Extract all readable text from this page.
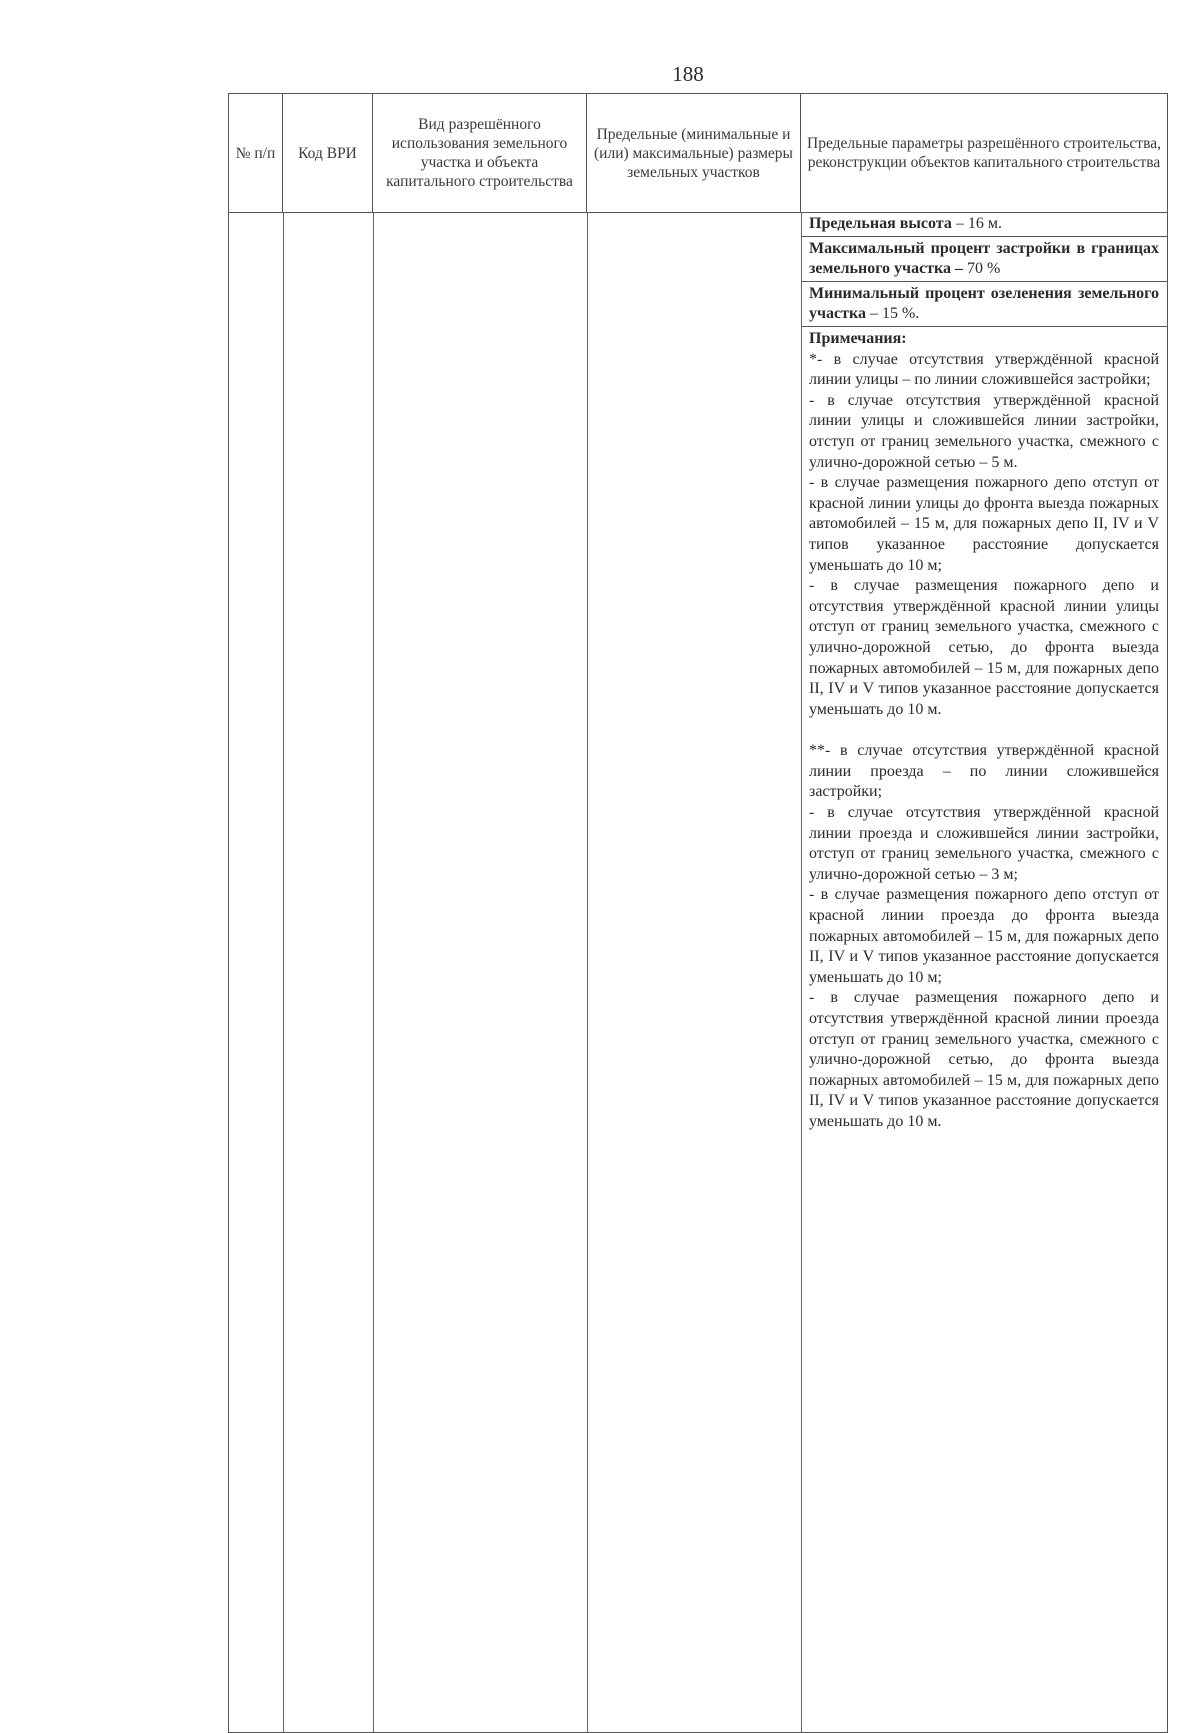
188
№ п/п	Код ВРИ
Вид разрешённого использования земельного участка и объекта капитального строительства
Предельные (минимальные и (или) максимальные) размеры земельных участков
Предельные параметры разрешённого строительства, реконструкции объектов капитального строительства
Предельная высота – 16 м.
Максимальный процент застройки в границах земельного участка – 70 %
Минимальный процент озеленения земельного участка – 15 %.

Примечания:

*- в случае отсутствия утверждённой красной линии улицы – по линии сложившейся застройки;

- в случае отсутствия утверждённой красной линии улицы и сложившейся линии застройки, отступ от границ земельного участка, смежного с улично-дорожной сетью – 5 м.

- в случае размещения пожарного депо отступ от красной линии улицы до фронта выезда пожарных автомобилей – 15 м, для пожарных депо II, IV и V типов указанное расстояние допускается уменьшать до 10 м;

- в случае размещения пожарного депо и отсутствия утверждённой красной линии улицы отступ от границ земельного участка, смежного с улично-дорожной сетью, до фронта выезда пожарных автомобилей – 15 м, для пожарных депо II, IV и V типов указанное расстояние допускается уменьшать до 10 м.

**- в случае отсутствия утверждённой красной линии проезда – по линии сложившейся застройки;

- в случае отсутствия утверждённой красной линии проезда и сложившейся линии застройки, отступ от границ земельного участка, смежного с улично-дорожной сетью – 3 м;

- в случае размещения пожарного депо отступ от красной линии проезда до фронта выезда пожарных автомобилей – 15 м, для пожарных депо II, IV и V типов указанное расстояние допускается уменьшать до 10 м;

- в случае размещения пожарного депо и отсутствия утверждённой красной линии проезда отступ от границ земельного участка, смежного с улично-дорожной сетью, до фронта выезда пожарных автомобилей – 15 м, для пожарных депо II, IV и V типов указанное расстояние допускается уменьшать до 10 м.
